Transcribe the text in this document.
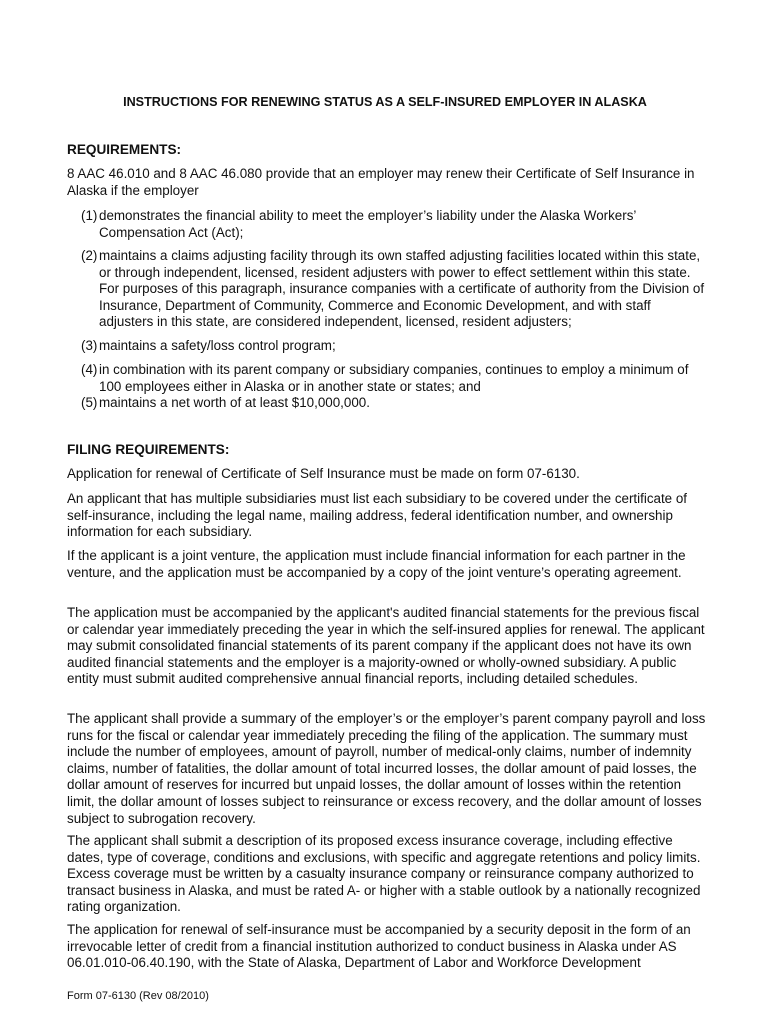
INSTRUCTIONS FOR RENEWING STATUS AS A SELF-INSURED EMPLOYER IN ALASKA
REQUIREMENTS:

8 AAC 46.010 and 8 AAC 46.080 provide that an employer may renew their Certificate of Self Insurance in Alaska if the employer

(1) demonstrates the financial ability to meet the employer’s liability under the Alaska Workers’ Compensation Act (Act);
(2) maintains a claims adjusting facility through its own staffed adjusting facilities located within this state, or through independent, licensed, resident adjusters with power to effect settlement within this state. For purposes of this paragraph, insurance companies with a certificate of authority from the Division of Insurance, Department of Community, Commerce and Economic Development, and with staff adjusters in this state, are considered independent, licensed, resident adjusters;
(3) maintains a safety/loss control program;
(4) in combination with its parent company or subsidiary companies, continues to employ a minimum of 100 employees either in Alaska or in another state or states; and
(5) maintains a net worth of at least $10,000,000.
FILING REQUIREMENTS:

Application for renewal of Certificate of Self Insurance must be made on form 07-6130.

An applicant that has multiple subsidiaries must list each subsidiary to be covered under the certificate of self-insurance, including the legal name, mailing address, federal identification number, and ownership information for each subsidiary.

If the applicant is a joint venture, the application must include financial information for each partner in the venture, and the application must be accompanied by a copy of the joint venture’s operating agreement.

The application must be accompanied by the applicant's audited financial statements for the previous fiscal or calendar year immediately preceding the year in which the self-insured applies for renewal. The applicant may submit consolidated financial statements of its parent company if the applicant does not have its own audited financial statements and the employer is a majority-owned or wholly-owned subsidiary. A public entity must submit audited comprehensive annual financial reports, including detailed schedules.

The applicant shall provide a summary of the employer’s or the employer’s parent company payroll and loss runs for the fiscal or calendar year immediately preceding the filing of the application. The summary must include the number of employees, amount of payroll, number of medical-only claims, number of indemnity claims, number of fatalities, the dollar amount of total incurred losses, the dollar amount of paid losses, the dollar amount of reserves for incurred but unpaid losses, the dollar amount of losses within the retention limit, the dollar amount of losses subject to reinsurance or excess recovery, and the dollar amount of losses subject to subrogation recovery.

The applicant shall submit a description of its proposed excess insurance coverage, including effective dates, type of coverage, conditions and exclusions, with specific and aggregate retentions and policy limits. Excess coverage must be written by a casualty insurance company or reinsurance company authorized to transact business in Alaska, and must be rated A- or higher with a stable outlook by a nationally recognized rating organization.

The application for renewal of self-insurance must be accompanied by a security deposit in the form of an irrevocable letter of credit from a financial institution authorized to conduct business in Alaska under AS 06.01.010-06.40.190, with the State of Alaska, Department of Labor and Workforce Development

Form 07-6130 (Rev 08/2010)
